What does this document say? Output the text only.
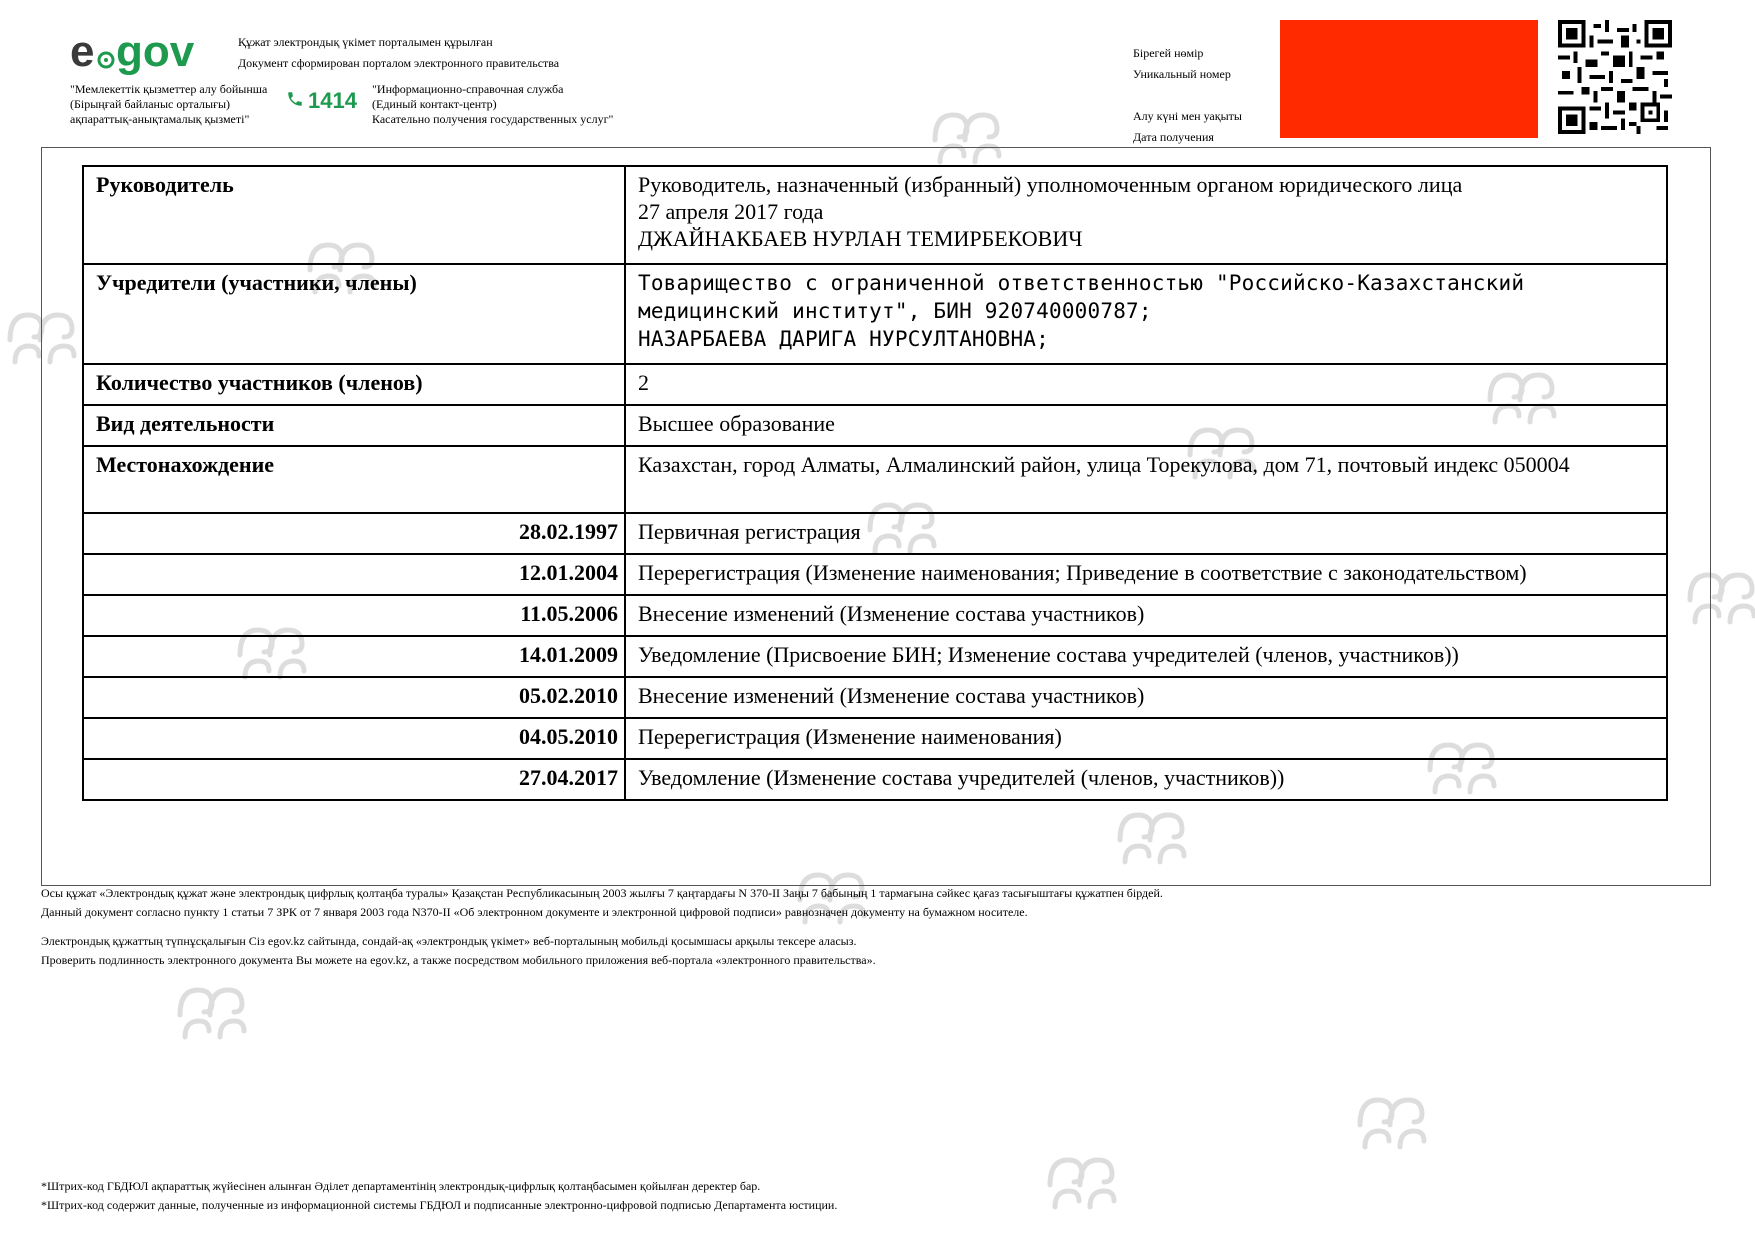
e gov	Құжат электрондық үкімет порталымен құрылған
Документ сформирован порталом электронного правительства
"Мемлекеттік қызметтер алу бойынша
(Бірыңғай байланыс орталығы)
ақпараттық-анықтамалық қызметі"
1414 "Информационно-справочная служба
(Единый контакт-центр)
Касательно получения государственных услуг"
Бірегей нөмір
Уникальный номер
Алу күні мен уақыты
Дата получения
Руководитель	Руководитель, назначенный (избранный) уполномоченным органом юридического лица
27 апреля 2017 года
ДЖАЙНАКБАЕВ НУРЛАН ТЕМИРБЕКОВИЧ

Учредители (участники, члены)	Товарищество с ограниченной ответственностью "Российско-Казахстанский медицинский институт", БИН 920740000787;
НАЗАРБАЕВА ДАРИГА НУРСУЛТАНОВНА;

Количество участников (членов)	2
Вид деятельности	Высшее образование
Местонахождение	Казахстан, город Алматы, Алмалинский район, улица Торекулова, дом 71, почтовый индекс 050004
28.02.1997	Первичная регистрация
12.01.2004	Перерегистрация (Изменение наименования; Приведение в соответствие с законодательством)
11.05.2006	Внесение изменений (Изменение состава участников)
14.01.2009	Уведомление (Присвоение БИН; Изменение состава учредителей (членов, участников))
05.02.2010	Внесение изменений (Изменение состава участников)
04.05.2010	Перерегистрация (Изменение наименования)
27.04.2017	Уведомление (Изменение состава учредителей (членов, участников))
Осы құжат «Электрондық құжат және электрондық цифрлық қолтаңба туралы» Қазақстан Республикасының 2003 жылғы 7 қаңтардағы N 370-II Заңы 7 бабының 1 тармағына сәйкес қағаз тасығыштағы құжатпен бірдей.
Данный документ согласно пункту 1 статьи 7 ЗРК от 7 января 2003 года N370-II «Об электронном документе и электронной цифровой подписи» равнозначен документу на бумажном носителе.
Электрондық құжаттың түпнұсқалығын Сіз egov.kz сайтында, сондай-ақ «электрондық үкімет» веб-порталының мобильді қосымшасы арқылы тексере аласыз.
Проверить подлинность электронного документа Вы можете на egov.kz, а также посредством мобильного приложения веб-портала «электронного правительства».
*Штрих-код ГБДЮЛ ақпараттық жүйесінен алынған Әділет департаментінің электрондық-цифрлық қолтаңбасымен қойылған деректер бар.
*Штрих-код содержит данные, полученные из информационной системы ГБДЮЛ и подписанные электронно-цифровой подписью Департамента юстиции.
